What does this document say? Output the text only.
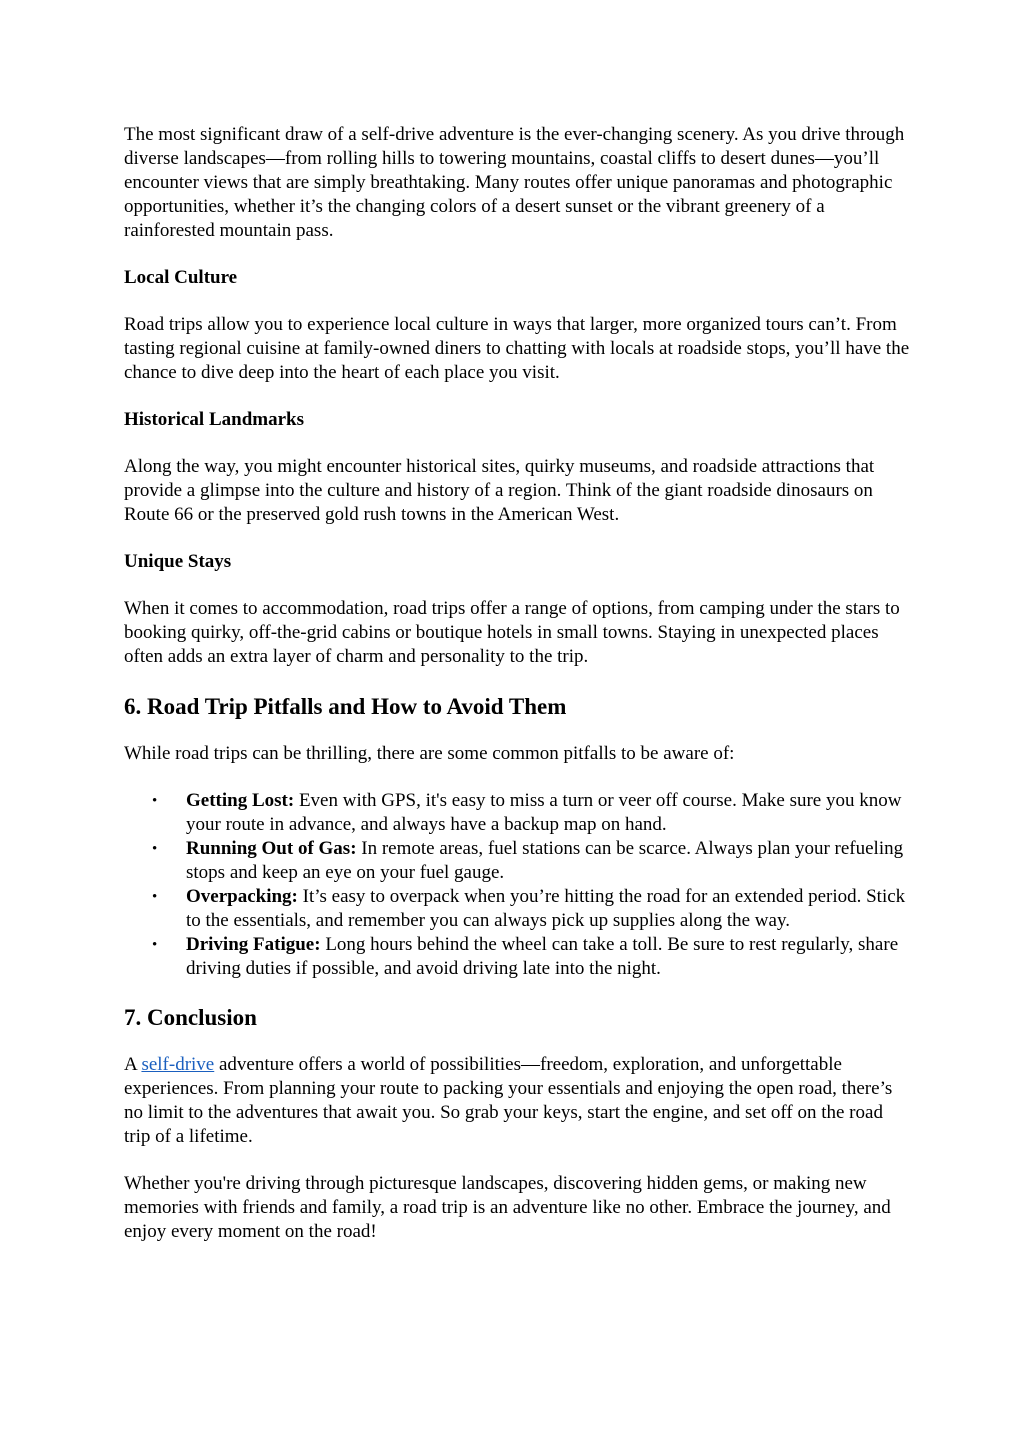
The most significant draw of a self-drive adventure is the ever-changing scenery. As you drive through diverse landscapes—from rolling hills to towering mountains, coastal cliffs to desert dunes—you’ll encounter views that are simply breathtaking. Many routes offer unique panoramas and photographic opportunities, whether it’s the changing colors of a desert sunset or the vibrant greenery of a rainforested mountain pass.

Local Culture

Road trips allow you to experience local culture in ways that larger, more organized tours can’t. From tasting regional cuisine at family-owned diners to chatting with locals at roadside stops, you’ll have the chance to dive deep into the heart of each place you visit.

Historical Landmarks

Along the way, you might encounter historical sites, quirky museums, and roadside attractions that provide a glimpse into the culture and history of a region. Think of the giant roadside dinosaurs on Route 66 or the preserved gold rush towns in the American West.

Unique Stays

When it comes to accommodation, road trips offer a range of options, from camping under the stars to booking quirky, off-the-grid cabins or boutique hotels in small towns. Staying in unexpected places often adds an extra layer of charm and personality to the trip.

6. Road Trip Pitfalls and How to Avoid Them

While road trips can be thrilling, there are some common pitfalls to be aware of:

• Getting Lost: Even with GPS, it's easy to miss a turn or veer off course. Make sure you know your route in advance, and always have a backup map on hand.
• Running Out of Gas: In remote areas, fuel stations can be scarce. Always plan your refueling stops and keep an eye on your fuel gauge.
• Overpacking: It’s easy to overpack when you’re hitting the road for an extended period. Stick to the essentials, and remember you can always pick up supplies along the way.
• Driving Fatigue: Long hours behind the wheel can take a toll. Be sure to rest regularly, share driving duties if possible, and avoid driving late into the night.
7. Conclusion

A self-drive adventure offers a world of possibilities—freedom, exploration, and unforgettable experiences. From planning your route to packing your essentials and enjoying the open road, there’s no limit to the adventures that await you. So grab your keys, start the engine, and set off on the road trip of a lifetime.

Whether you're driving through picturesque landscapes, discovering hidden gems, or making new memories with friends and family, a road trip is an adventure like no other. Embrace the journey, and enjoy every moment on the road!
